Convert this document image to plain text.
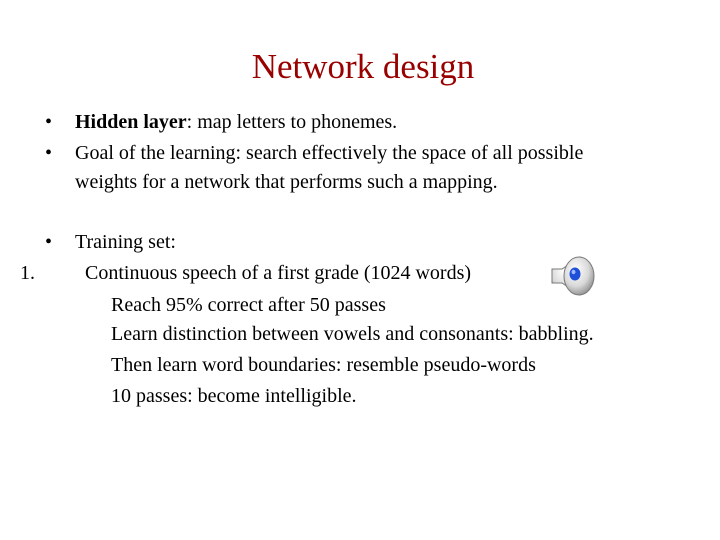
Network design
•	Hidden layer: map letters to phonemes.
•	Goal of the learning: search effectively the space of all possible
weights for a network that performs such a mapping.
•	Training set:
1.	Continuous speech of a first grade (1024 words)
Reach 95% correct after 50 passes
Learn distinction between vowels and consonants: babbling.
Then learn word boundaries: resemble pseudo-words
10 passes: become intelligible.
